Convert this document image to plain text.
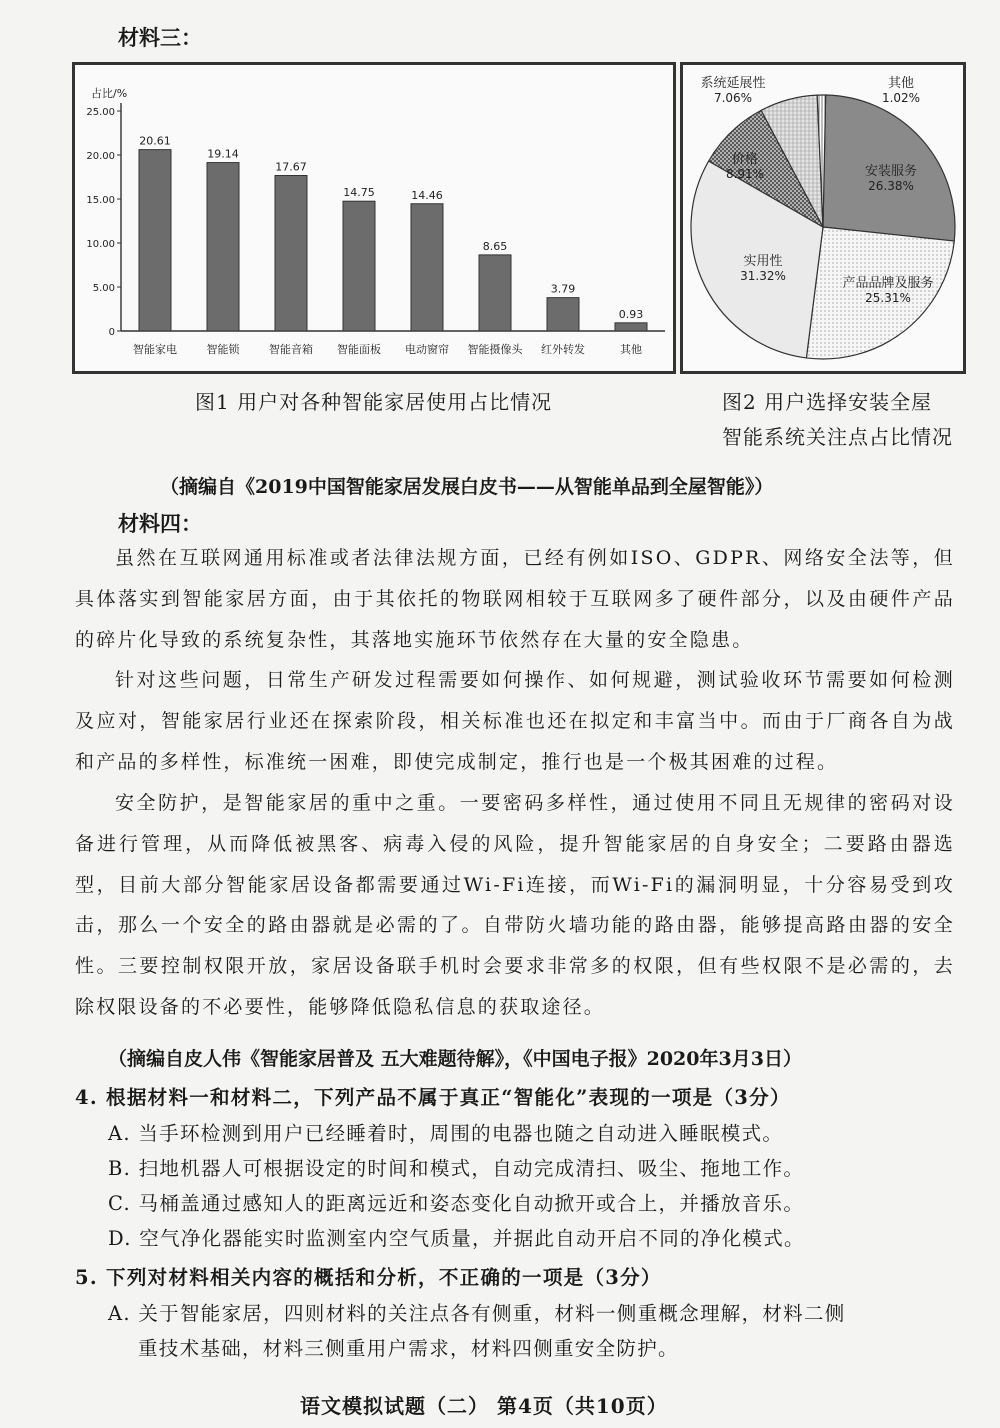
材料三：
占比/%
0
5.00
10.00
15.00
20.00
25.00
20.61
智能家电
19.14
智能锁
17.67
智能音箱
14.75
智能面板
14.46
电动窗帘
8.65
智能摄像头
3.79
红外转发
0.93
其他
安装服务
26.38%
产品品牌及服务
25.31%
实用性
31.32%
价格
8.91%
系统延展性
7.06%
其他
1.02%
图1 用户对各种智能家居使用占比情况	图2 用户选择安装全屋
智能系统关注点占比情况
（摘编自《2019中国智能家居发展白皮书——从智能单品到全屋智能》）
材料四：
虽然在互联网通用标准或者法律法规方面，已经有例如ISO、GDPR、网络安全法等，但具体落实到智能家居方面，由于其依托的物联网相较于互联网多了硬件部分，以及由硬件产品的碎片化导致的系统复杂性，其落地实施环节依然存在大量的安全隐患。
针对这些问题，日常生产研发过程需要如何操作、如何规避，测试验收环节需要如何检测及应对，智能家居行业还在探索阶段，相关标准也还在拟定和丰富当中。而由于厂商各自为战和产品的多样性，标准统一困难，即使完成制定，推行也是一个极其困难的过程。
安全防护，是智能家居的重中之重。一要密码多样性，通过使用不同且无规律的密码对设备进行管理，从而降低被黑客、病毒入侵的风险，提升智能家居的自身安全；二要路由器选型，目前大部分智能家居设备都需要通过Wi-Fi连接，而Wi-Fi的漏洞明显，十分容易受到攻击，那么一个安全的路由器就是必需的了。自带防火墙功能的路由器，能够提高路由器的安全性。三要控制权限开放，家居设备联手机时会要求非常多的权限，但有些权限不是必需的，去除权限设备的不必要性，能够降低隐私信息的获取途径。
（摘编自皮人伟《智能家居普及 五大难题待解》，《中国电子报》2020年3月3日）
4. 根据材料一和材料二，下列产品不属于真正“智能化”表现的一项是（3分）
A. 当手环检测到用户已经睡着时，周围的电器也随之自动进入睡眠模式。
B. 扫地机器人可根据设定的时间和模式，自动完成清扫、吸尘、拖地工作。
C. 马桶盖通过感知人的距离远近和姿态变化自动掀开或合上，并播放音乐。
D. 空气净化器能实时监测室内空气质量，并据此自动开启不同的净化模式。
5. 下列对材料相关内容的概括和分析，不正确的一项是（3分）
A. 关于智能家居，四则材料的关注点各有侧重，材料一侧重概念理解，材料二侧
重技术基础，材料三侧重用户需求，材料四侧重安全防护。
语文模拟试题（二） 第4页（共10页）
